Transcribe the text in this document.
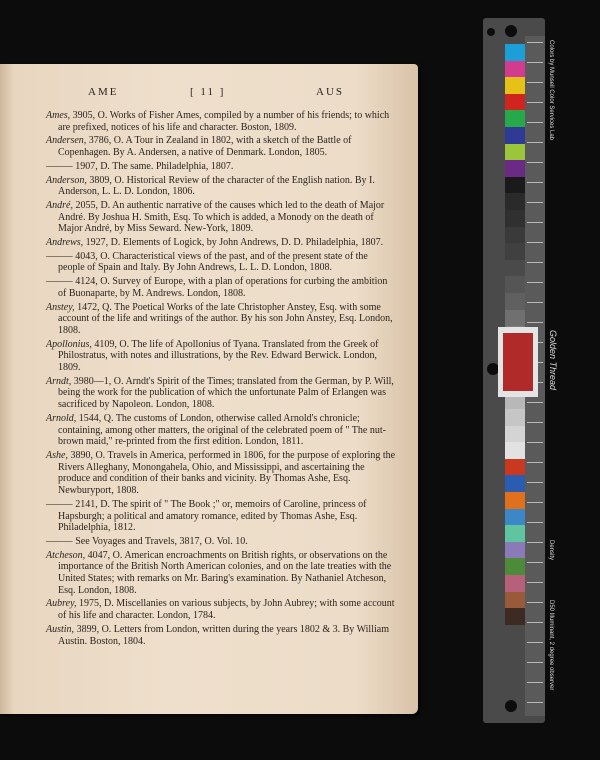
AME	[ 11 ]	AUS
Ames, 3905, O. Works of Fisher Ames, compiled by a number of his friends; to which are prefixed, notices of his life and character. Boston, 1809.
Andersen, 3786, O. A Tour in Zealand in 1802, with a sketch of the Battle of Copenhagen. By A. Andersen, a native of Denmark. London, 1805.
——— 1907, D. The same. Philadelphia, 1807.
Anderson, 3809, O. Historical Review of the character of the English nation. By I. Anderson, L. L. D. London, 1806.
André, 2055, D. An authentic narrative of the causes which led to the death of Major André. By Joshua H. Smith, Esq. To which is added, a Monody on the death of Major André, by Miss Seward. New-York, 1809.
Andrews, 1927, D. Elements of Logick, by John Andrews, D. D. Philadelphia, 1807.
——— 4043, O. Characteristical views of the past, and of the present state of the people of Spain and Italy. By John Andrews, L. L. D. London, 1808.
——— 4124, O. Survey of Europe, with a plan of operations for curbing the ambition of Buonaparte, by M. Andrews. London, 1808.
Anstey, 1472, Q. The Poetical Works of the late Christopher Anstey, Esq. with some account of the life and writings of the author. By his son John Anstey, Esq. London, 1808.
Apollonius, 4109, O. The life of Apollonius of Tyana. Translated from the Greek of Philostratus, with notes and illustrations, by the Rev. Edward Berwick. London, 1809.
Arndt, 3980—1, O. Arndt's Spirit of the Times; translated from the German, by P. Will, being the work for the publication of which the unfortunate Palm of Erlangen was sacrificed by Napoleon. London, 1808.
Arnold, 1544, Q. The customs of London, otherwise called Arnold's chronicle; containing, among other matters, the original of the celebrated poem of " The nut-brown maid," re-printed from the first edition. London, 1811.
Ashe, 3890, O. Travels in America, performed in 1806, for the purpose of exploring the Rivers Alleghany, Monongahela, Ohio, and Mississippi, and ascertaining the produce and condition of their banks and vicinity. By Thomas Ashe, Esq. Newburyport, 1808.
——— 2141, D. The spirit of " The Book ;" or, memoirs of Caroline, princess of Hapsburgh; a political and amatory romance, edited by Thomas Ashe, Esq. Philadelphia, 1812.
——— See Voyages and Travels, 3817, O. Vol. 10.
Atcheson, 4047, O. American encroachments on British rights, or observations on the importance of the British North American colonies, and on the late treaties with the United States; with remarks on Mr. Baring's examination. By Nathaniel Atcheson, Esq. London, 1808.
Aubrey, 1975, D. Miscellanies on various subjects, by John Aubrey; with some account of his life and character. London, 1784.
Austin, 3899, O. Letters from London, written during the years 1802 & 3. By William Austin. Boston, 1804.
Colors by Munsell Color Services Lab
Golden Thread
Density
D50 Illuminant, 2 degree observer
